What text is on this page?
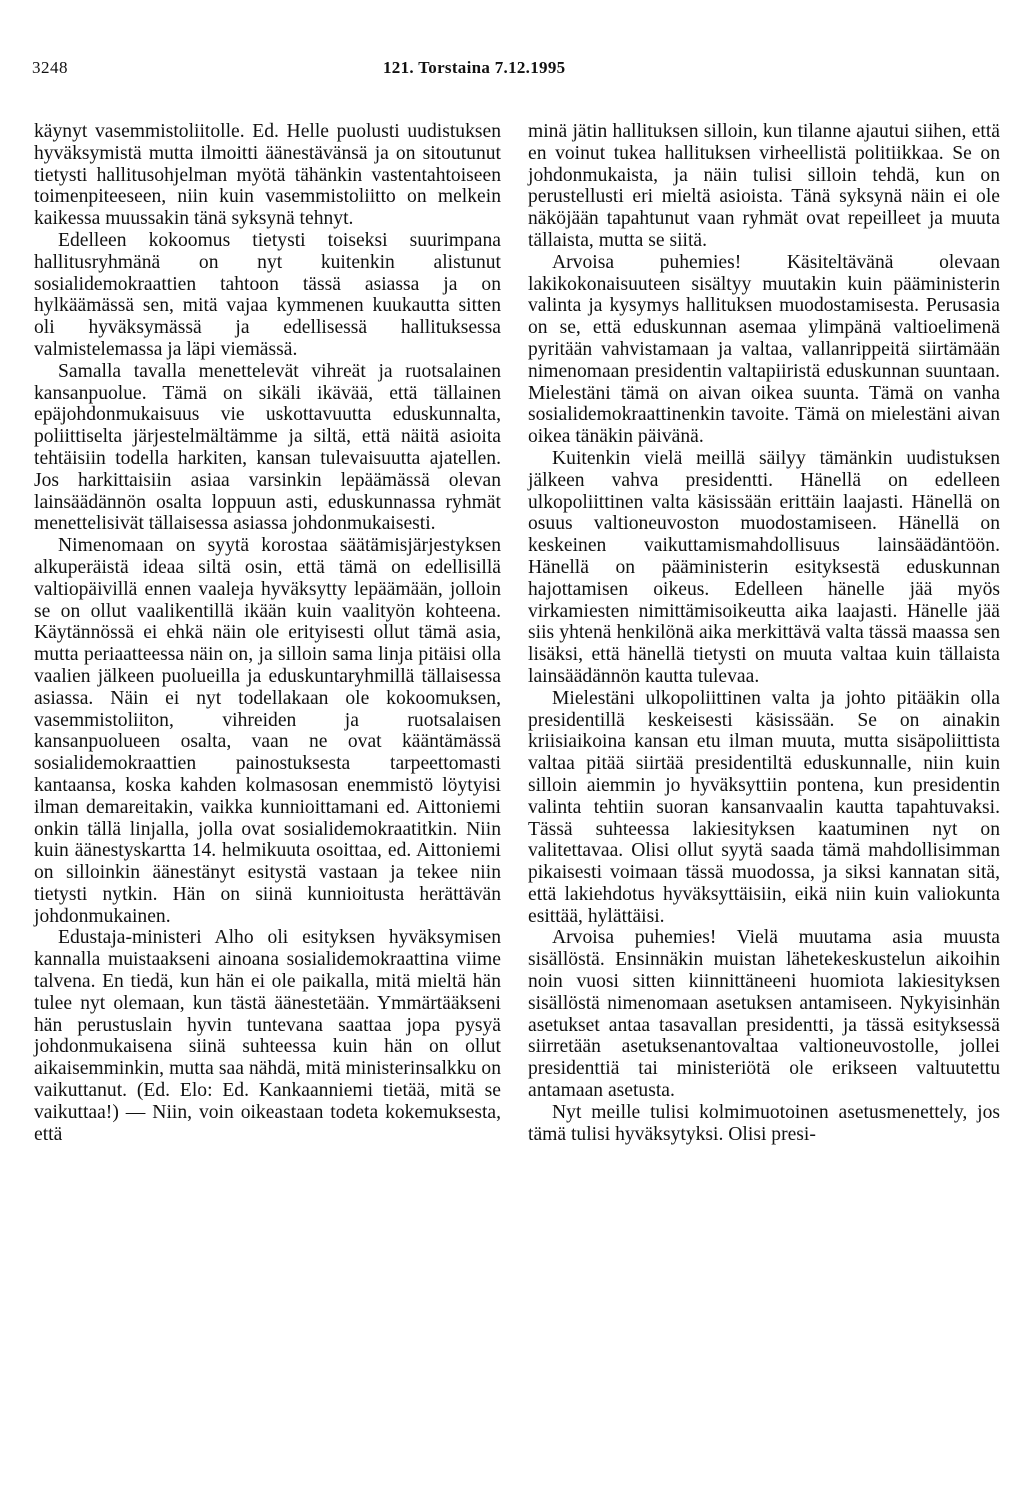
3248	121. Torstaina 7.12.1995

käynyt vasemmistoliitolle. Ed. Helle puolusti uudistuksen hyväksymistä mutta ilmoitti äänestävänsä ja on sitoutunut tietysti hallitusohjelman myötä tähänkin vastentahtoiseen toimenpiteeseen, niin kuin vasemmistoliitto on melkein kaikessa muussakin tänä syksynä tehnyt.

Edelleen kokoomus tietysti toiseksi suurimpana hallitusryhmänä on nyt kuitenkin alistunut sosialidemokraattien tahtoon tässä asiassa ja on hylkäämässä sen, mitä vajaa kymmenen kuukautta sitten oli hyväksymässä ja edellisessä hallituksessa valmistelemassa ja läpi viemässä.

Samalla tavalla menettelevät vihreät ja ruotsalainen kansanpuolue. Tämä on sikäli ikävää, että tällainen epäjohdonmukaisuus vie uskottavuutta eduskunnalta, poliittiselta järjestelmältämme ja siltä, että näitä asioita tehtäisiin todella harkiten, kansan tulevaisuutta ajatellen. Jos harkittaisiin asiaa varsinkin lepäämässä olevan lainsäädännön osalta loppuun asti, eduskunnassa ryhmät menettelisivät tällaisessa asiassa johdonmukaisesti.

Nimenomaan on syytä korostaa säätämisjärjestyksen alkuperäistä ideaa siltä osin, että tämä on edellisillä valtiopäivillä ennen vaaleja hyväksytty lepäämään, jolloin se on ollut vaalikentillä ikään kuin vaalityön kohteena. Käytännössä ei ehkä näin ole erityisesti ollut tämä asia, mutta periaatteessa näin on, ja silloin sama linja pitäisi olla vaalien jälkeen puolueilla ja eduskuntaryhmillä tällaisessa asiassa. Näin ei nyt todellakaan ole kokoomuksen, vasemmistoliiton, vihreiden ja ruotsalaisen kansanpuolueen osalta, vaan ne ovat kääntämässä sosialidemokraattien painostuksesta tarpeettomasti kantaansa, koska kahden kolmasosan enemmistö löytyisi ilman demareitakin, vaikka kunnioittamani ed. Aittoniemi onkin tällä linjalla, jolla ovat sosialidemokraatitkin. Niin kuin äänestyskartta 14. helmikuuta osoittaa, ed. Aittoniemi on silloinkin äänestänyt esitystä vastaan ja tekee niin tietysti nytkin. Hän on siinä kunnioitusta herättävän johdonmukainen.

Edustaja-ministeri Alho oli esityksen hyväksymisen kannalla muistaakseni ainoana sosialidemokraattina viime talvena. En tiedä, kun hän ei ole paikalla, mitä mieltä hän tulee nyt olemaan, kun tästä äänestetään. Ymmärtääkseni hän perustuslain hyvin tuntevana saattaa jopa pysyä johdonmukaisena siinä suhteessa kuin hän on ollut aikaisemminkin, mutta saa nähdä, mitä ministerinsalkku on vaikuttanut. (Ed. Elo: Ed. Kankaanniemi tietää, mitä se vaikuttaa!) — Niin, voin oikeastaan todeta kokemuksesta, että

minä jätin hallituksen silloin, kun tilanne ajautui siihen, että en voinut tukea hallituksen virheellistä politiikkaa. Se on johdonmukaista, ja näin tulisi silloin tehdä, kun on perustellusti eri mieltä asioista. Tänä syksynä näin ei ole näköjään tapahtunut vaan ryhmät ovat repeilleet ja muuta tällaista, mutta se siitä.

Arvoisa puhemies! Käsiteltävänä olevaan lakikokonaisuuteen sisältyy muutakin kuin pääministerin valinta ja kysymys hallituksen muodostamisesta. Perusasia on se, että eduskunnan asemaa ylimpänä valtioelimenä pyritään vahvistamaan ja valtaa, vallanrippeitä siirtämään nimenomaan presidentin valtapiiristä eduskunnan suuntaan. Mielestäni tämä on aivan oikea suunta. Tämä on vanha sosialidemokraattinenkin tavoite. Tämä on mielestäni aivan oikea tänäkin päivänä.

Kuitenkin vielä meillä säilyy tämänkin uudistuksen jälkeen vahva presidentti. Hänellä on edelleen ulkopoliittinen valta käsissään erittäin laajasti. Hänellä on osuus valtioneuvoston muodostamiseen. Hänellä on keskeinen vaikuttamismahdollisuus lainsäädäntöön. Hänellä on pääministerin esityksestä eduskunnan hajottamisen oikeus. Edelleen hänelle jää myös virkamiesten nimittämisoikeutta aika laajasti. Hänelle jää siis yhtenä henkilönä aika merkittävä valta tässä maassa sen lisäksi, että hänellä tietysti on muuta valtaa kuin tällaista lainsäädännön kautta tulevaa.

Mielestäni ulkopoliittinen valta ja johto pitääkin olla presidentillä keskeisesti käsissään. Se on ainakin kriisiaikoina kansan etu ilman muuta, mutta sisäpoliittista valtaa pitää siirtää presidentiltä eduskunnalle, niin kuin silloin aiemmin jo hyväksyttiin pontena, kun presidentin valinta tehtiin suoran kansanvaalin kautta tapahtuvaksi. Tässä suhteessa lakiesityksen kaatuminen nyt on valitettavaa. Olisi ollut syytä saada tämä mahdollisimman pikaisesti voimaan tässä muodossa, ja siksi kannatan sitä, että lakiehdotus hyväksyttäisiin, eikä niin kuin valiokunta esittää, hylättäisi.

Arvoisa puhemies! Vielä muutama asia muusta sisällöstä. Ensinnäkin muistan lähetekeskustelun aikoihin noin vuosi sitten kiinnittäneeni huomiota lakiesityksen sisällöstä nimenomaan asetuksen antamiseen. Nykyisinhän asetukset antaa tasavallan presidentti, ja tässä esityksessä siirretään asetuksenantovaltaa valtioneuvostolle, jollei presidenttiä tai ministeriötä ole erikseen valtuutettu antamaan asetusta.

Nyt meille tulisi kolmimuotoinen asetusmenettely, jos tämä tulisi hyväksytyksi. Olisi presi-
